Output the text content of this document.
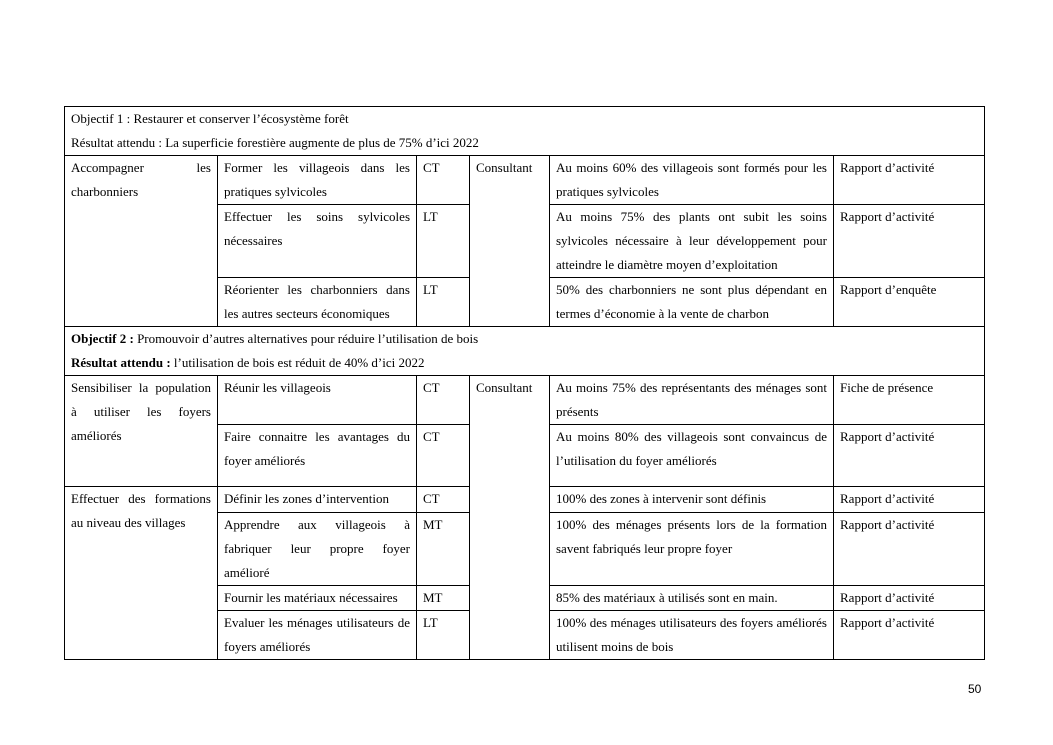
Objectif 1 : Restaurer et conserver l’écosystème forêt
Résultat attendu : La superficie forestière augmente de plus de 75% d’ici 2022					

Accompagner les charbonniers	Former les villageois dans les pratiques sylvicoles	CT	Consultant	Au moins 60% des villageois sont formés pour les pratiques sylvicoles	Rapport d’activité
	Effectuer les soins sylvicoles nécessaires	LT		Au moins 75% des plants ont subit les soins sylvicoles nécessaire à leur développement pour atteindre le diamètre moyen d’exploitation	Rapport d’activité
	Réorienter les charbonniers dans les autres secteurs économiques	LT		50% des charbonniers ne sont plus dépendant en termes d’économie à la vente de charbon	Rapport d’enquête

Objectif 2 : Promouvoir d’autres alternatives pour réduire l’utilisation de bois
Résultat attendu : l’utilisation de bois est réduit de 40% d’ici 2022					

Sensibiliser la population à utiliser les foyers améliorés	Réunir les villageois	CT	Consultant	Au moins 75% des représentants des ménages sont présents	Fiche de présence
	Faire connaitre les avantages du foyer améliorés	CT		Au moins 80% des villageois sont convaincus de l’utilisation du foyer améliorés	Rapport d’activité
Effectuer des formations au niveau des villages	Définir les zones d’intervention	CT		100% des zones à intervenir sont définis	Rapport d’activité
	Apprendre aux villageois à fabriquer leur propre foyer amélioré	MT		100% des ménages présents lors de la formation savent fabriqués leur propre foyer	Rapport d’activité
	Fournir les matériaux nécessaires	MT		85% des matériaux à utilisés sont en main.	Rapport d’activité
	Evaluer les ménages utilisateurs de foyers améliorés	LT		100% des ménages utilisateurs des foyers améliorés utilisent moins de bois	Rapport d’activité
50
